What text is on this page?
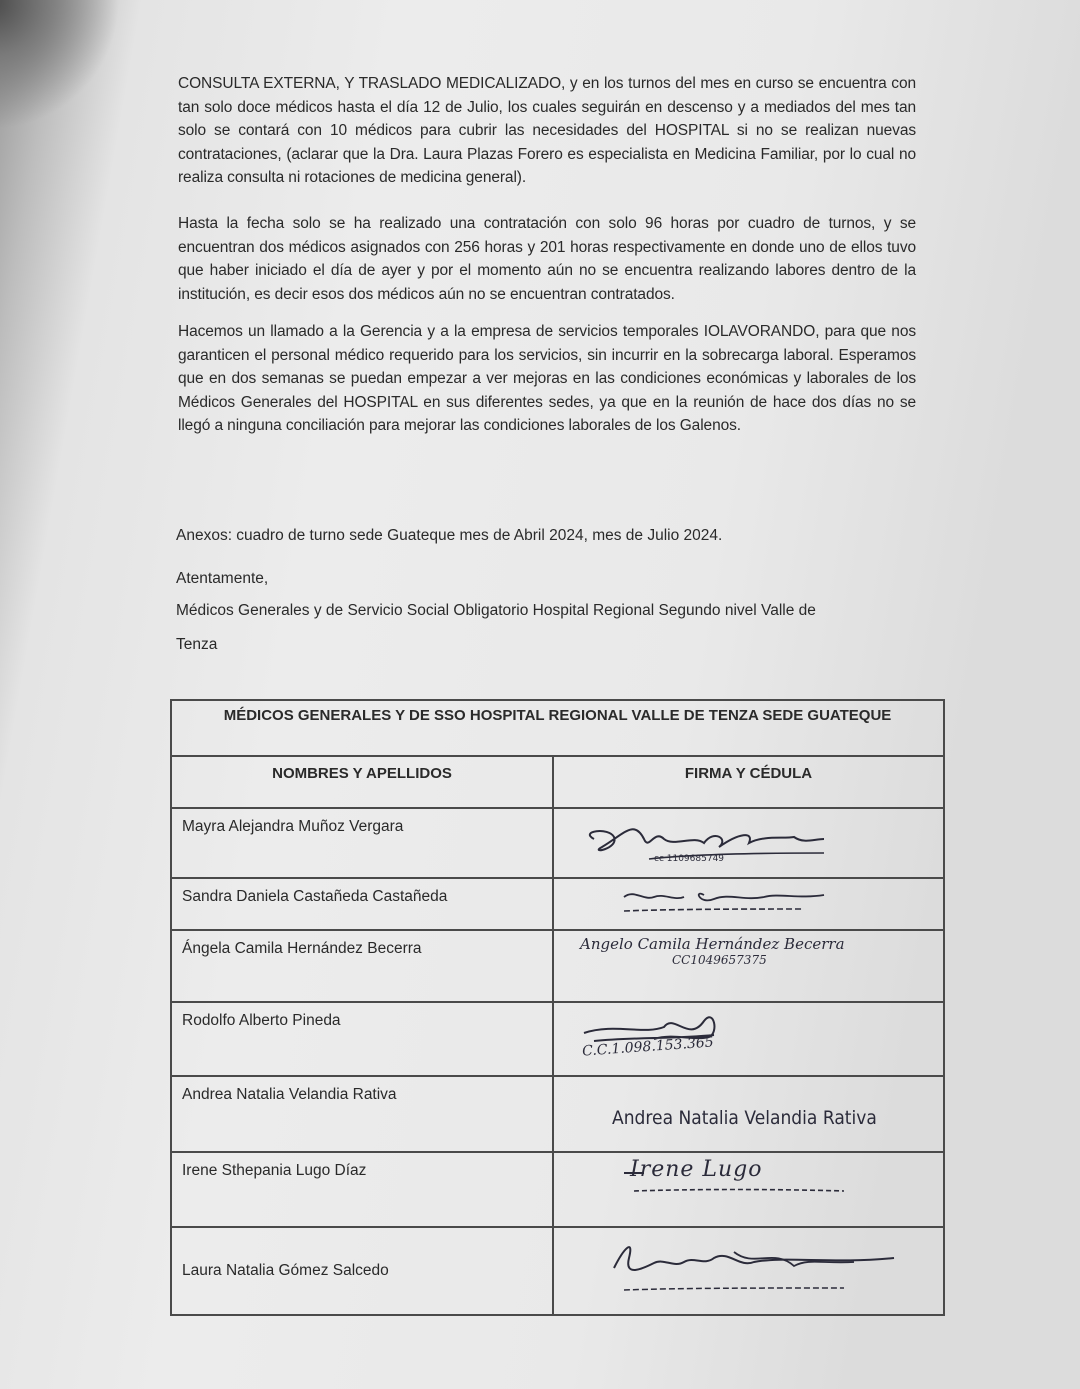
CONSULTA EXTERNA, Y TRASLADO MEDICALIZADO, y en los turnos del mes en curso se encuentra con tan solo doce médicos hasta el día 12 de Julio, los cuales seguirán en descenso y a mediados del mes tan solo se contará con 10 médicos para cubrir las necesidades del HOSPITAL si no se realizan nuevas contrataciones, (aclarar que la Dra. Laura Plazas Forero es especialista en Medicina Familiar, por lo cual no realiza consulta ni rotaciones de medicina general).
Hasta la fecha solo se ha realizado una contratación con solo 96 horas por cuadro de turnos, y se encuentran dos médicos asignados con 256 horas y 201 horas respectivamente en donde uno de ellos tuvo que haber iniciado el día de ayer y por el momento aún no se encuentra realizando labores dentro de la institución, es decir esos dos médicos aún no se encuentran contratados.
Hacemos un llamado a la Gerencia y a la empresa de servicios temporales IOLAVORANDO, para que nos garanticen el personal médico requerido para los servicios, sin incurrir en la sobrecarga laboral. Esperamos que en dos semanas se puedan empezar a ver mejoras en las condiciones económicas y laborales de los Médicos Generales del HOSPITAL en sus diferentes sedes, ya que en la reunión de hace dos días no se llegó a ninguna conciliación para mejorar las condiciones laborales de los Galenos.
Anexos: cuadro de turno sede Guateque mes de Abril 2024, mes de Julio 2024.
Atentamente,
Médicos Generales y de Servicio Social Obligatorio Hospital Regional Segundo nivel Valle de
Tenza
MÉDICOS GENERALES Y DE SSO HOSPITAL REGIONAL VALLE DE TENZA SEDE GUATEQUE	

NOMBRES Y APELLIDOS	FIRMA Y CÉDULA

Mayra Alejandra Muñoz Vergara	cc 1109685749

Sandra Daniela Castañeda Castañeda	

Ángela Camila Hernández Becerra	Angelo Camila Hernández Becerra
CC1049657375

Rodolfo Alberto Pineda	C.C.1.098.153.365

Andrea Natalia Velandia Rativa	Andrea Natalia Velandia Rativa

Irene Sthepania Lugo Díaz	Irene Lugo

Laura Natalia Gómez Salcedo	
